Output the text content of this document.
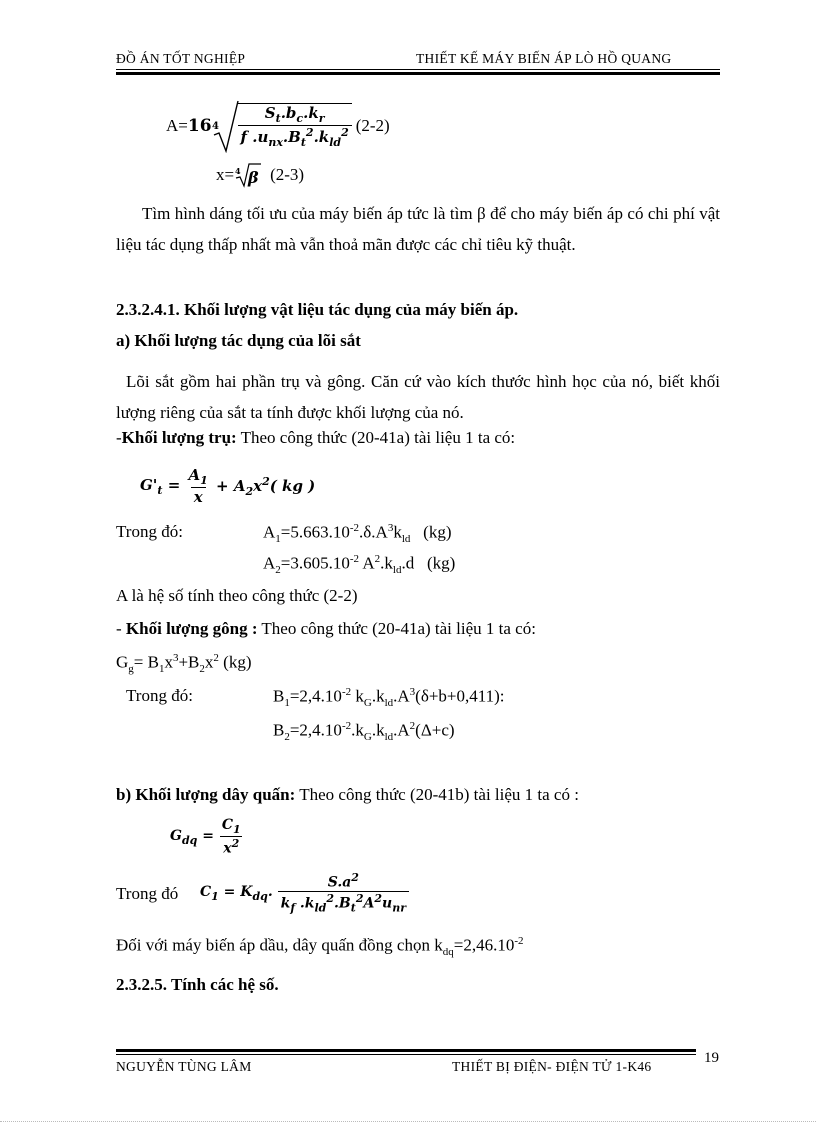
ĐỒ ÁN TỐT NGHIỆP	THIẾT KẾ MÁY BIẾN ÁP LÒ HỒ QUANG
A= 16 $4 \frac{S_t.b_c.k_r}{f .u_{nx}.B_t^2.k_{ld}^2} (2-2)$
x= 4 β (2-3)
Tìm hình dáng tối ưu của máy biến áp tức là tìm β để cho máy biến áp có chi phí vật liệu tác dụng thấp nhất mà vẫn thoả mãn được các chỉ tiêu kỹ thuật.
2.3.2.4.1. Khối lượng vật liệu tác dụng của máy biến áp.
a) Khối lượng tác dụng của lõi sắt
Lõi sắt gồm hai phần trụ và gông. Căn cứ vào kích thước hình học của nó, biết khối lượng riêng của sắt ta tính được khối lượng của nó.
-Khối lượng trụ: Theo công thức (20-41a) tài liệu 1 ta có:
$G'_t = \frac{A_1}{x} + A_2x^2$( kg )
Trong đó:	$A_1=5.663.10^{-2}.\delta.A^3k_{ld}$   (kg)
$A_2=3.605.10^{-2}$ $A^2.k_{ld}.d$   (kg)
A là hệ số tính theo công thức (2-2)
- Khối lượng gông : Theo công thức (20-41a) tài liệu 1 ta có:
$G_g= B_1x^3+B_2x^2$ (kg)
Trong đó:	$B_1=2,4.10^{-2}$ $k_G.k_{ld}.A^3(\delta+b+0,411)$:
$B_2=2,4.10^{-2}.k_G.k_{ld}.A^2(\Delta+c)$
b) Khối lượng dây quấn: Theo công thức (20-41b) tài liệu 1 ta có :
$G_{dq} = \frac{C_1}{x^2}$
Trong đó $C_1 = K_{dq}$. $\frac{S.a^2}{k_f .k_{ld}^2.B_t^2A^2u_{nr}}$
Đối với máy biến áp dầu, dây quấn đồng chọn $k_{dq}=2,46.10^{-2}$
2.3.2.5. Tính các hệ số.
NGUYỄN TÙNG LÂM	THIẾT BỊ ĐIỆN- ĐIỆN TỬ 1-K46
19
